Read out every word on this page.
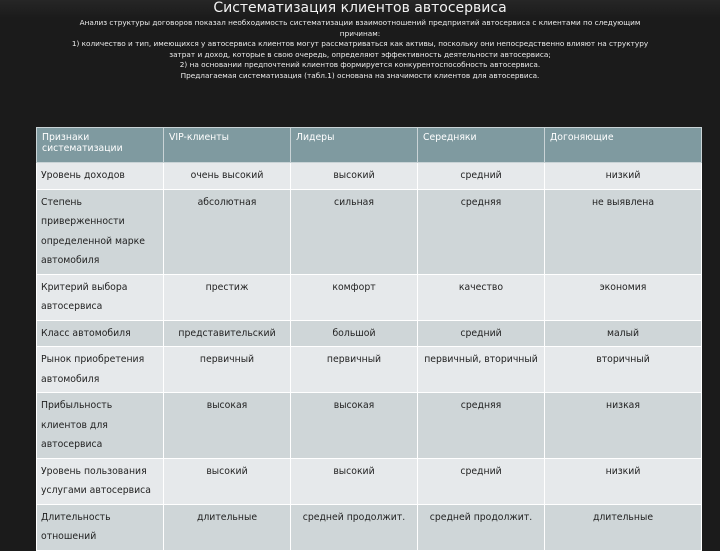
Систематизация клиентов автосервиса
Анализ структуры договоров показал необходимость систематизации взаимоотношений предприятий автосервиса с клиентами по следующим
причинам:
1) количество и тип, имеющихся у автосервиса клиентов могут рассматриваться как активы, поскольку они непосредственно влияют на структуру
затрат и доход, которые в свою очередь, определяют эффективность деятельности автосервиса;
2) на основании предпочтений клиентов формируется конкурентоспособность автосервиса.
Предлагаемая систематизация (табл.1) основана на значимости клиентов для автосервиса.
Признаки систематизации	VIP-клиенты	Лидеры	Середняки	Догоняющие
Уровень доходов	очень высокий	высокий	средний	низкий
Степень приверженности определенной марке автомобиля	абсолютная	сильная	средняя	не выявлена
Критерий выбора автосервиса	престиж	комфорт	качество	экономия
Класс автомобиля	представительский	большой	средний	малый
Рынок приобретения автомобиля	первичный	первичный	первичный, вторичный	вторичный
Прибыльность клиентов для автосервиса	высокая	высокая	средняя	низкая
Уровень пользования услугами автосервиса	высокий	высокий	средний	низкий
Длительность отношений	длительные	средней продолжит.	средней продолжит.	длительные
